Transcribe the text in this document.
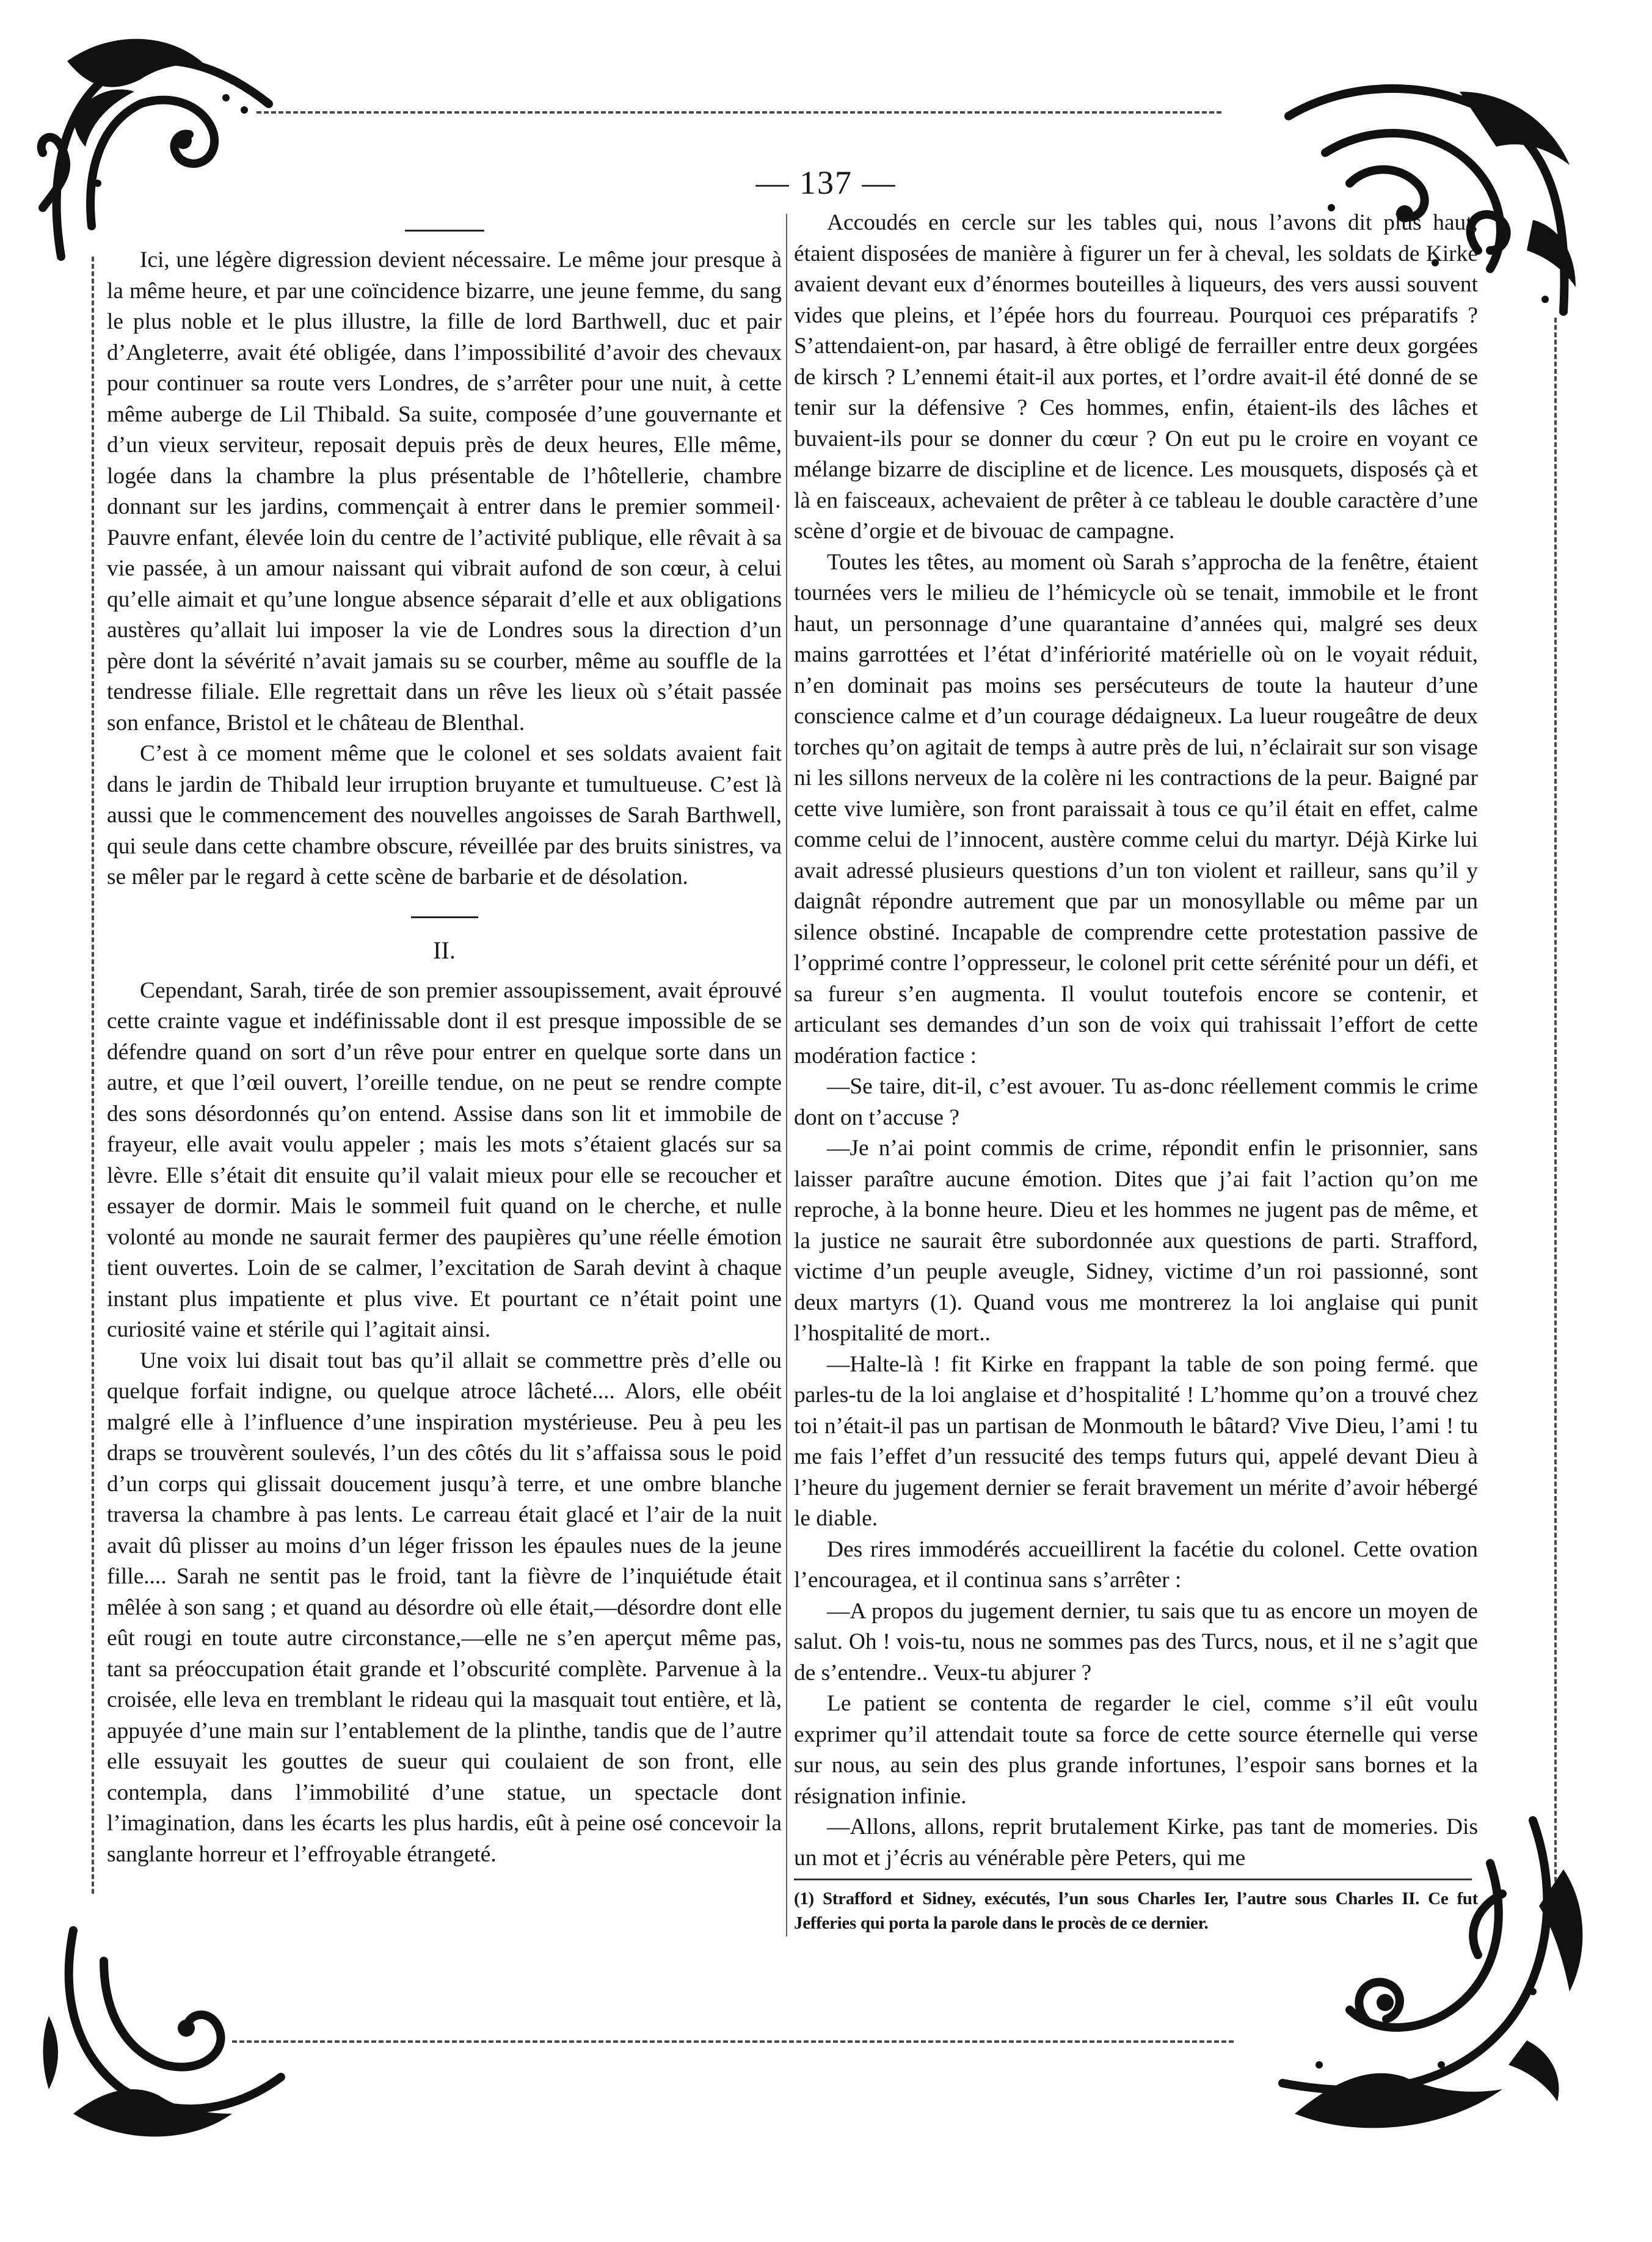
— 137 —

Ici, une légère digression devient nécessaire. Le même jour presque à la même heure, et par une coïncidence bizarre, une jeune femme, du sang le plus noble et le plus illustre, la fille de lord Barthwell, duc et pair d’Angleterre, avait été obligée, dans l’impossibilité d’avoir des chevaux pour continuer sa route vers Londres, de s’arrêter pour une nuit, à cette même auberge de Lil Thibald. Sa suite, composée d’une gouvernante et d’un vieux serviteur, reposait depuis près de deux heures, Elle même, logée dans la chambre la plus présentable de l’hôtellerie, chambre donnant sur les jardins, commençait à entrer dans le premier sommeil· Pauvre enfant, élevée loin du centre de l’activité publique, elle rêvait à sa vie passée, à un amour naissant qui vibrait aufond de son cœur, à celui qu’elle aimait et qu’une longue absence séparait d’elle et aux obligations austères qu’allait lui imposer la vie de Londres sous la direction d’un père dont la sévérité n’avait jamais su se courber, même au souffle de la tendresse filiale. Elle regrettait dans un rêve les lieux où s’était passée son enfance, Bristol et le château de Blenthal.

C’est à ce moment même que le colonel et ses soldats avaient fait dans le jardin de Thibald leur irruption bruyante et tumultueuse. C’est là aussi que le commencement des nouvelles angoisses de Sarah Barthwell, qui seule dans cette chambre obscure, réveillée par des bruits sinistres, va se mêler par le regard à cette scène de barbarie et de désolation.

II.

Cependant, Sarah, tirée de son premier assoupissement, avait éprouvé cette crainte vague et indéfinissable dont il est presque impossible de se défendre quand on sort d’un rêve pour entrer en quelque sorte dans un autre, et que l’œil ouvert, l’oreille tendue, on ne peut se rendre compte des sons désordonnés qu’on entend. Assise dans son lit et immobile de frayeur, elle avait voulu appeler ; mais les mots s’étaient glacés sur sa lèvre. Elle s’était dit ensuite qu’il valait mieux pour elle se recoucher et essayer de dormir. Mais le sommeil fuit quand on le cherche, et nulle volonté au monde ne saurait fermer des paupières qu’une réelle émotion tient ouvertes. Loin de se calmer, l’excitation de Sarah devint à chaque instant plus impatiente et plus vive. Et pourtant ce n’était point une curiosité vaine et stérile qui l’agitait ainsi.

Une voix lui disait tout bas qu’il allait se commettre près d’elle ou quelque forfait indigne, ou quelque atroce lâcheté.... Alors, elle obéit malgré elle à l’influence d’une inspiration mystérieuse. Peu à peu les draps se trouvèrent soulevés, l’un des côtés du lit s’affaissa sous le poid d’un corps qui glissait doucement jusqu’à terre, et une ombre blanche traversa la chambre à pas lents. Le carreau était glacé et l’air de la nuit avait dû plisser au moins d’un léger frisson les épaules nues de la jeune fille.... Sarah ne sentit pas le froid, tant la fièvre de l’inquiétude était mêlée à son sang ; et quand au désordre où elle était,—désordre dont elle eût rougi en toute autre circonstance,—elle ne s’en aperçut même pas, tant sa préoccupation était grande et l’obscurité complète. Parvenue à la croisée, elle leva en tremblant le rideau qui la masquait tout entière, et là, appuyée d’une main sur l’entablement de la plinthe, tandis que de l’autre elle essuyait les gouttes de sueur qui coulaient de son front, elle contempla, dans l’immobilité d’une statue, un spectacle dont l’imagination, dans les écarts les plus hardis, eût à peine osé concevoir la sanglante horreur et l’effroyable étrangeté.

Accoudés en cercle sur les tables qui, nous l’avons dit plus haut, étaient disposées de manière à figurer un fer à cheval, les soldats de Kirke avaient devant eux d’énormes bouteilles à liqueurs, des vers aussi souvent vides que pleins, et l’épée hors du fourreau. Pourquoi ces préparatifs ? S’attendaient-on, par hasard, à être obligé de ferrailler entre deux gorgées de kirsch ? L’ennemi était-il aux portes, et l’ordre avait-il été donné de se tenir sur la défensive ? Ces hommes, enfin, étaient-ils des lâches et buvaient-ils pour se donner du cœur ? On eut pu le croire en voyant ce mélange bizarre de discipline et de licence. Les mousquets, disposés çà et là en faisceaux, achevaient de prêter à ce tableau le double caractère d’une scène d’orgie et de bivouac de campagne.

Toutes les têtes, au moment où Sarah s’approcha de la fenêtre, étaient tournées vers le milieu de l’hémicycle où se tenait, immobile et le front haut, un personnage d’une quarantaine d’années qui, malgré ses deux mains garrottées et l’état d’infériorité matérielle où on le voyait réduit, n’en dominait pas moins ses persécuteurs de toute la hauteur d’une conscience calme et d’un courage dédaigneux. La lueur rougeâtre de deux torches qu’on agitait de temps à autre près de lui, n’éclairait sur son visage ni les sillons nerveux de la colère ni les contractions de la peur. Baigné par cette vive lumière, son front paraissait à tous ce qu’il était en effet, calme comme celui de l’innocent, austère comme celui du martyr. Déjà Kirke lui avait adressé plusieurs questions d’un ton violent et railleur, sans qu’il y daignât répondre autrement que par un monosyllable ou même par un silence obstiné. Incapable de comprendre cette protestation passive de l’opprimé contre l’oppresseur, le colonel prit cette sérénité pour un défi, et sa fureur s’en augmenta. Il voulut toutefois encore se contenir, et articulant ses demandes d’un son de voix qui trahissait l’effort de cette modération factice :

—Se taire, dit-il, c’est avouer. Tu as-donc réellement commis le crime dont on t’accuse ?

—Je n’ai point commis de crime, répondit enfin le prisonnier, sans laisser paraître aucune émotion. Dites que j’ai fait l’action qu’on me reproche, à la bonne heure. Dieu et les hommes ne jugent pas de même, et la justice ne saurait être subordonnée aux questions de parti. Strafford, victime d’un peuple aveugle, Sidney, victime d’un roi passionné, sont deux martyrs (1). Quand vous me montrerez la loi anglaise qui punit l’hospitalité de mort..

—Halte-là ! fit Kirke en frappant la table de son poing fermé. que parles-tu de la loi anglaise et d’hospitalité ! L’homme qu’on a trouvé chez toi n’était-il pas un partisan de Monmouth le bâtard? Vive Dieu, l’ami ! tu me fais l’effet d’un ressucité des temps futurs qui, appelé devant Dieu à l’heure du jugement dernier se ferait bravement un mérite d’avoir hébergé le diable.

Des rires immodérés accueillirent la facétie du colonel. Cette ovation l’encouragea, et il continua sans s’arrêter :

—A propos du jugement dernier, tu sais que tu as encore un moyen de salut. Oh ! vois-tu, nous ne sommes pas des Turcs, nous, et il ne s’agit que de s’entendre.. Veux-tu abjurer ?

Le patient se contenta de regarder le ciel, comme s’il eût voulu exprimer qu’il attendait toute sa force de cette source éternelle qui verse sur nous, au sein des plus grande infortunes, l’espoir sans bornes et la résignation infinie.

—Allons, allons, reprit brutalement Kirke, pas tant de momeries. Dis un mot et j’écris au vénérable père Peters, qui me

(1) Strafford et Sidney, exécutés, l’un sous Charles Ier, l’autre sous Charles II. Ce fut Jefferies qui porta la parole dans le procès de ce dernier.
